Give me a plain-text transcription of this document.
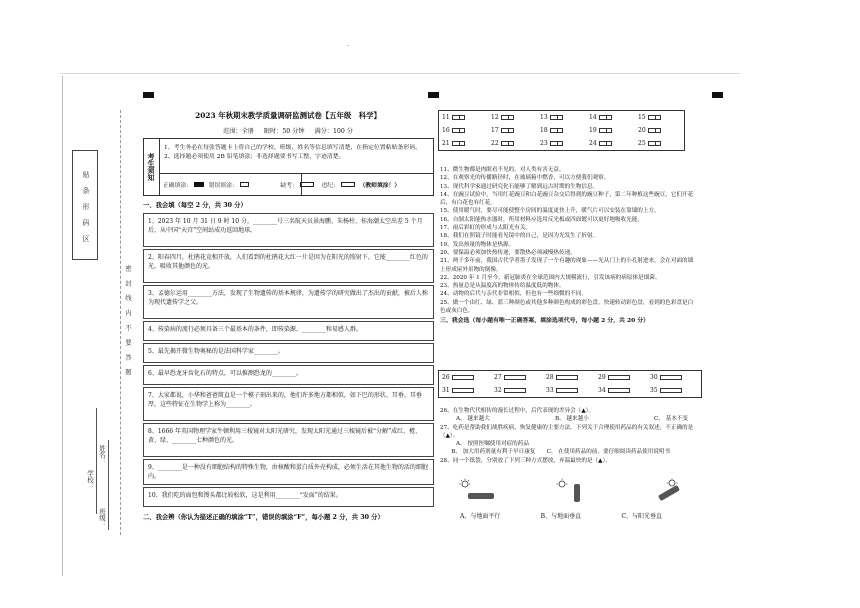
.
贴　条　形　码　区
密　封　线　内　不　要　答　题
学校：
班级：
姓名：
2023 年秋期末教学质量调研监测试卷【五年级　科学】
范围：全册 限时：50 分钟 满分：100 分
考生须知
1、考生务必在每张答题卡上将自己的学校、班级、姓名等信息填写清楚，在指定位置粘贴条形码。
2、选择题必须使用 2B 铅笔填涂；非选择题要书写工整、字迹清楚。
正确填涂：	错误填涂：	缺考：	违纪：	（教师填涂！）
一、我会填（每空 2 分，共 30 分）
1、2023 年 10 月 31 日 9 时 10 分，________号三名航天员景海鹏、朱杨柱、桂海潮太空出差 5 个月后，从中国“天宫”空间站成功返回地球。
2、阳春四月，杜鹃花竞相开放，人们看到的杜鹃花大红一片是因为在阳光的照射下，它能________红色的光，吸收其他颜色的光。
3、孟德尔运用________方法，发现了生物遗传的基本规律，为遗传学的研究做出了杰出的贡献，被后人称为现代遗传学之父。
4、传染病的流行必须具备三个最基本的条件，即传染源、________和易感人群。
5、最先揭开微生物奥秘的是法国科学家________。
6、最早恐龙牙齿化石的特点，可以推测恐龙的________。
7、大家都说，小华和爸爸简直是一个模子刻出来的，他们许多地方都相似，如下巴的形状、耳垂、耳垂厚，这些特征在生物学上称为________。
8、1666 年英国物理学家牛顿利用三棱镜对太阳光研究，发现太阳光通过三棱镜后被“分解”成红、橙、黄、绿、________七种颜色的光。
9、________是一种没有细胞结构的特殊生物，由核酸和蛋白质外壳构成，必须生活在其他生物的活的细胞内。
10、我们吃的面包和馒头都比较松软，这是利用________“发面”的结果。
二、我会辨（你认为描述正确的填涂“T”，错误的填涂“F”，每小题 2 分，共 30 分）
11	12	13	14	15
16	17	18	19	20
21	22	23	24	25
11、微生物都是肉眼看不见的，对人类有害无益。
12、在观察光的传播路径时，在玻璃箱中燃香，可以方便我们观察。
13、现代科学家通过研究化石能够了解到远古时期的生物信息。
14、在豌豆试验中，当用红花豌豆和白花豌豆杂交后得到的豌豆种子，第二年种植这些豌豆，它们开花后，有白花也有红花。
15、使用暖气时，要尽可能使整个房间的温度更快上升，暖气片可以安装在靠墙的上方。
16、自制太阳能热水器时，所用材料应选用反光板或四面镀可以更好地吸收光能。
17、雨后彩虹的形成与太阳光有关。
18、我们在照镜子时能看见镜中的自己，是因为光发生了折射。
19、发出热量的物体是热源。
20、要保温必须加快热传递，要散热必须减慢热传递。
21、两千多年前，我国古代学者墨子发现了一个有趣的现象——光从门上的小孔射进来，会在对面的墙上形成屋外景物的倒像。
22、2020 年 1 月至今，新冠肺炎在全球范围内大规模流行，引发该病的病原体是细菌。
23、热量总是从温度高的物体传给温度低的物体。
24、动物的后代与亲代非常相似，但也有一些细微的不同。
25、做一个由红、绿、蓝三种颜色或其他多种颜色构成的彩色盘，快速转动彩色盘，看到的色彩盘是白色或灰白色。
三、我会选（每小题有唯一正确答案，填涂选项代号，每小题 2 分，共 20 分）
26	27	28	29	30
31	32	33	34	35
26、在生物代代相传的漫长过程中，后代表现的差异会（▲）。
A、 越来越大	B、 越来越小	C、 基本不变
27、吃药是帮助我们战胜疾病，恢复健康的主要方法。下列关于合理使用药品的有关叙述，不正确的是（▲）。
A、 按照医嘱使用对症的药品
　　B、 加大用药剂量有利于早日康复　　C、 在使用药品的前，要仔细阅读药品使用说明书
28、同一个纸袋，分别放了下列三种方式摆放，弃温最快的是（▲）。
A、与地面平行	B、与地面垂直	C、与阳光垂直
